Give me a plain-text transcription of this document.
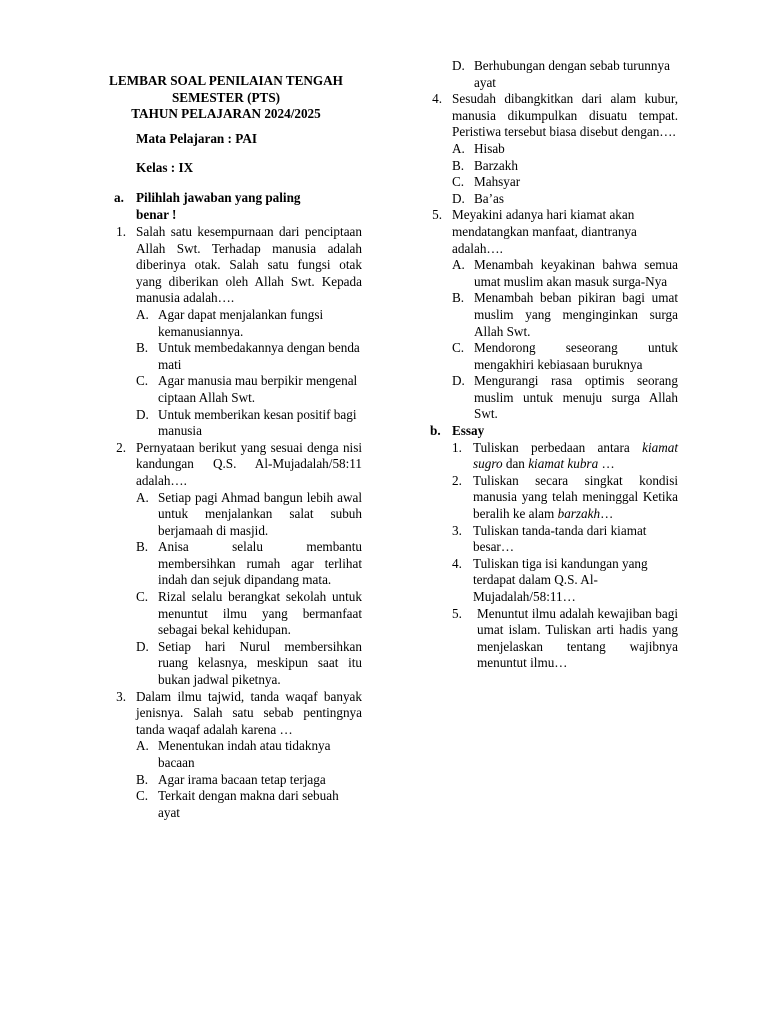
LEMBAR SOAL PENILAIAN TENGAH
SEMESTER (PTS)
TAHUN PELAJARAN 2024/2025
Mata Pelajaran : PAI
Kelas : IX
a. Pilihlah jawaban yang paling benar !
1. Salah satu kesempurnaan dari penciptaan Allah Swt. Terhadap manusia adalah diberinya otak. Salah satu fungsi otak yang diberikan oleh Allah Swt. Kepada manusia adalah….
A. Agar dapat menjalankan fungsi kemanusiannya.
B. Untuk membedakannya dengan benda mati
C. Agar manusia mau berpikir mengenal ciptaan Allah Swt.
D. Untuk memberikan kesan positif bagi manusia
2. Pernyataan berikut yang sesuai denga nisi kandungan Q.S. Al-Mujadalah/58:11 adalah….
A. Setiap pagi Ahmad bangun lebih awal untuk menjalankan salat subuh berjamaah di masjid.
B. Anisa selalu membantu membersihkan rumah agar terlihat indah dan sejuk dipandang mata.
C. Rizal selalu berangkat sekolah untuk menuntut ilmu yang bermanfaat sebagai bekal kehidupan.
D. Setiap hari Nurul membersihkan ruang kelasnya, meskipun saat itu bukan jadwal piketnya.
3. Dalam ilmu tajwid, tanda waqaf banyak jenisnya. Salah satu sebab pentingnya tanda waqaf adalah karena …
A. Menentukan indah atau tidaknya bacaan
B. Agar irama bacaan tetap terjaga
C. Terkait dengan makna dari sebuah ayat
D. Berhubungan dengan sebab turunnya ayat
4. Sesudah dibangkitkan dari alam kubur, manusia dikumpulkan disuatu tempat. Peristiwa tersebut biasa disebut dengan….
A. Hisab
B. Barzakh
C. Mahsyar
D. Ba’as
5. Meyakini adanya hari kiamat akan mendatangkan manfaat, diantranya adalah….
A. Menambah keyakinan bahwa semua umat muslim akan masuk surga-Nya
B. Menambah beban pikiran bagi umat muslim yang menginginkan surga Allah Swt.
C. Mendorong seseorang untuk mengakhiri kebiasaan buruknya
D. Mengurangi rasa optimis seorang muslim untuk menuju surga Allah Swt.
b. Essay
1. Tuliskan perbedaan antara kiamat sugro dan kiamat kubra …
2. Tuliskan secara singkat kondisi manusia yang telah meninggal Ketika beralih ke alam barzakh…
3. Tuliskan tanda-tanda dari kiamat besar…
4. Tuliskan tiga isi kandungan yang terdapat dalam Q.S. Al-Mujadalah/58:11…
5.	Menuntut ilmu adalah kewajiban bagi umat islam. Tuliskan arti hadis yang menjelaskan tentang wajibnya menuntut ilmu…
